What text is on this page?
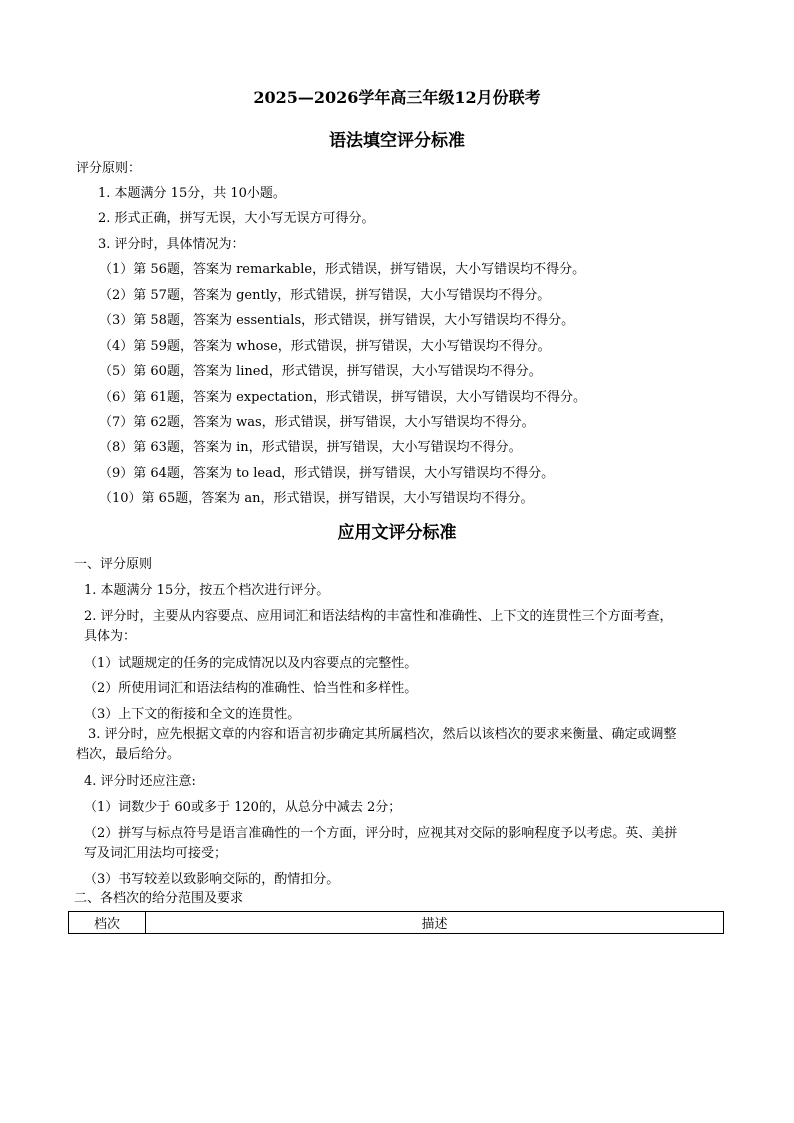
2025—2026学年高三年级12月份联考
语法填空评分标准
评分原则：
1. 本题满分 15分，共 10小题。
2. 形式正确，拼写无误，大小写无误方可得分。
3. 评分时，具体情况为：
（1）第 56题，答案为 remarkable，形式错误，拼写错误，大小写错误均不得分。
（2）第 57题，答案为 gently，形式错误，拼写错误，大小写错误均不得分。
（3）第 58题，答案为 essentials，形式错误，拼写错误，大小写错误均不得分。
（4）第 59题，答案为 whose，形式错误，拼写错误，大小写错误均不得分。
（5）第 60题，答案为 lined，形式错误，拼写错误，大小写错误均不得分。
（6）第 61题，答案为 expectation，形式错误，拼写错误，大小写错误均不得分。
（7）第 62题，答案为 was，形式错误，拼写错误，大小写错误均不得分。
（8）第 63题，答案为 in，形式错误，拼写错误，大小写错误均不得分。
（9）第 64题，答案为 to lead，形式错误，拼写错误，大小写错误均不得分。
（10）第 65题，答案为 an，形式错误，拼写错误，大小写错误均不得分。
应用文评分标准
一、评分原则
1. 本题满分 15分，按五个档次进行评分。
2. 评分时，主要从内容要点、应用词汇和语法结构的丰富性和准确性、上下文的连贯性三个方面考查，
具体为：
（1）试题规定的任务的完成情况以及内容要点的完整性。
（2）所使用词汇和语法结构的准确性、恰当性和多样性。
（3）上下文的衔接和全文的连贯性。
3. 评分时，应先根据文章的内容和语言初步确定其所属档次，然后以该档次的要求来衡量、确定或调整
档次，最后给分。
4. 评分时还应注意:
（1）词数少于 60或多于 120的，从总分中减去 2分；
（2）拼写与标点符号是语言准确性的一个方面，评分时，应视其对交际的影响程度予以考虑。英、美拼
写及词汇用法均可接受；
（3）书写较差以致影响交际的，酌情扣分。
二、各档次的给分范围及要求
档次	描述
